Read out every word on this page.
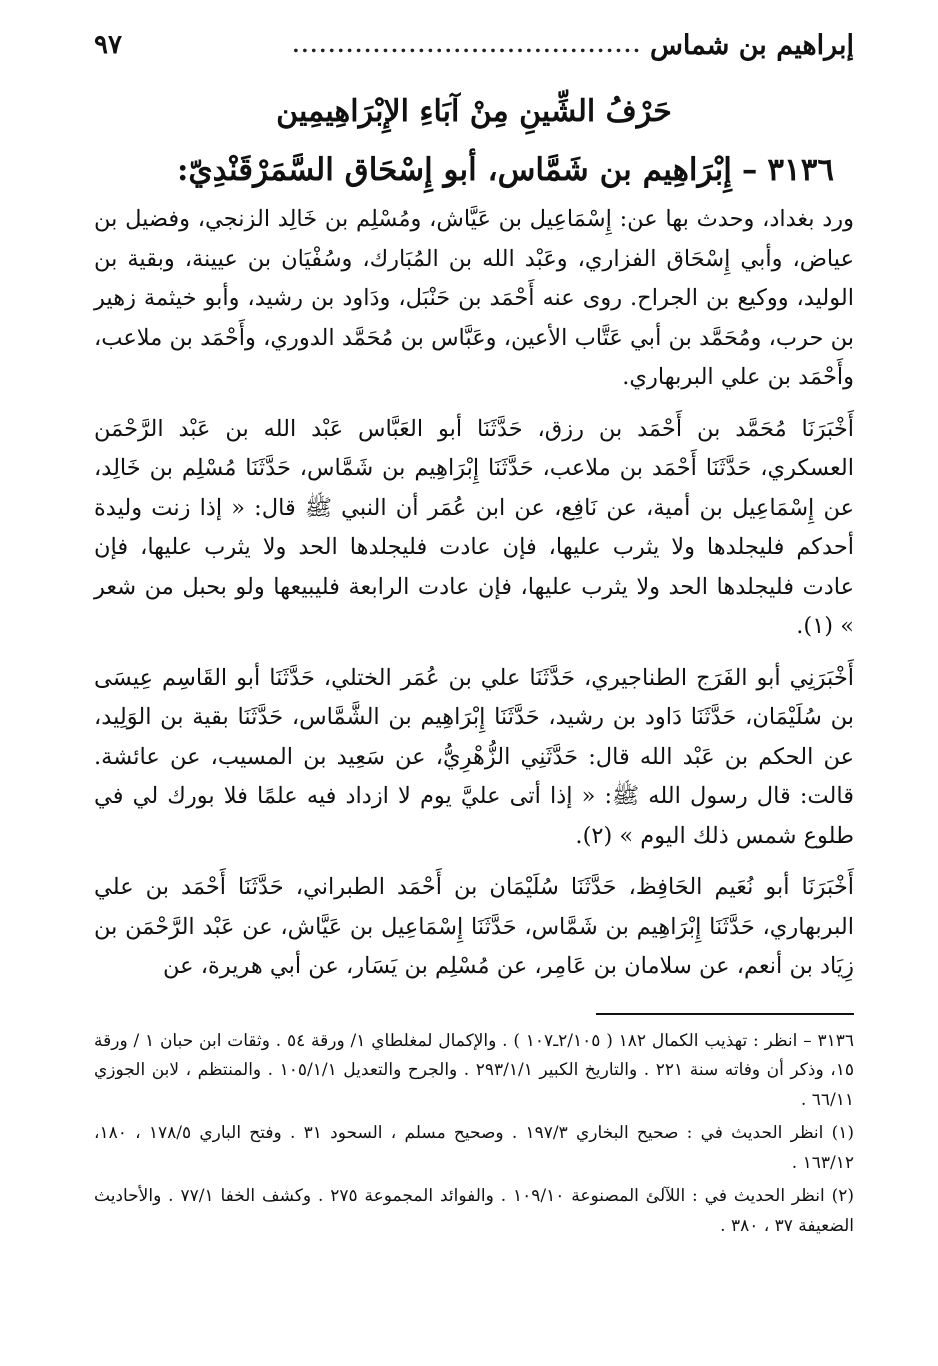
إبراهيم بن شماس
.......................................
٩٧
حَرْفُ الشِّينِ مِنْ آبَاءِ الإِبْرَاهِيمِين
٣١٣٦–إِبْرَاهِيم بن شَمَّاس، أبو إِسْحَاق السَّمَرْقَنْدِيّ:

ورد بغداد، وحدث بها عن: إِسْمَاعِيل بن عَيَّاش، ومُسْلِم بن خَالِد الزنجي، وفضيل بن عياض، وأبي إِسْحَاق الفزاري، وعَبْد الله بن المُبَارك، وسُفْيَان بن عيينة، وبقية بن الوليد، ووكيع بن الجراح. روى عنه أَحْمَد بن حَنْبَل، ودَاود بن رشيد، وأبو خيثمة زهير بن حرب، ومُحَمَّد بن أبي عَتَّاب الأعين، وعَبَّاس بن مُحَمَّد الدوري، وأَحْمَد بن ملاعب، وأَحْمَد بن علي البربهاري.

أَخْبَرَنَا مُحَمَّد بن أَحْمَد بن رزق، حَدَّثَنَا أبو العَبَّاس عَبْد الله بن عَبْد الرَّحْمَن العسكري، حَدَّثَنَا أَحْمَد بن ملاعب، حَدَّثَنَا إِبْرَاهِيم بن شَمَّاس، حَدَّثَنَا مُسْلِم بن خَالِد، عن إِسْمَاعِيل بن أمية، عن نَافِع، عن ابن عُمَر أن النبي ﷺ قال: « إذا زنت وليدة أحدكم فليجلدها ولا يثرب عليها، فإن عادت فليجلدها الحد ولا يثرب عليها، فإن عادت فليجلدها الحد ولا يثرب عليها، فإن عادت الرابعة فليبيعها ولو بحبل من شعر » (١).

أَخْبَرَنِي أبو الفَرَج الطناجيري، حَدَّثَنَا علي بن عُمَر الختلي، حَدَّثَنَا أبو القَاسِم عِيسَى بن سُلَيْمَان، حَدَّثَنَا دَاود بن رشيد، حَدَّثَنَا إِبْرَاهِيم بن الشَّمَّاس، حَدَّثَنَا بقية بن الوَلِيد، عن الحكم بن عَبْد الله قال: حَدَّثَنِي الزُّهْرِيُّ، عن سَعِيد بن المسيب، عن عائشة. قالت: قال رسول الله ﷺ: « إذا أتى عليَّ يوم لا ازداد فيه علمًا فلا بورك لي في طلوع شمس ذلك اليوم » (٢).

أَخْبَرَنَا أبو نُعَيم الحَافِظ، حَدَّثَنَا سُلَيْمَان بن أَحْمَد الطبراني، حَدَّثَنَا أَحْمَد بن علي البربهاري، حَدَّثَنَا إِبْرَاهِيم بن شَمَّاس، حَدَّثَنَا إِسْمَاعِيل بن عَيَّاش، عن عَبْد الرَّحْمَن بن زِيَاد بن أنعم، عن سلامان بن عَامِر، عن مُسْلِم بن يَسَار، عن أبي هريرة، عن

٣١٣٦ – انظر : تهذيب الكمال ١٨٢ ( ٢/١٠٥ـ١٠٧ ) . والإكمال لمغلطاي ١/ ورقة ٥٤ . وثقات ابن حبان ١ / ورقة ١٥، وذكر أن وفاته سنة ٢٢١ . والتاريخ الكبير ٢٩٣/١/١ . والجرح والتعديل ١٠٥/١/١ . والمنتظم ، لابن الجوزي ٦٦/١١ .

(١) انظر الحديث في : صحيح البخاري ١٩٧/٣ . وصحيح مسلم ، السحود ٣١ . وفتح الباري ١٧٨/٥ ، ١٨٠، ١٦٣/١٢ .

(٢) انظر الحديث في : اللآلئ المصنوعة ١٠٩/١٠ . والفوائد المجموعة ٢٧٥ . وكشف الخفا ٧٧/١ . والأحاديث الضعيفة ٣٧ ، ٣٨٠ .
